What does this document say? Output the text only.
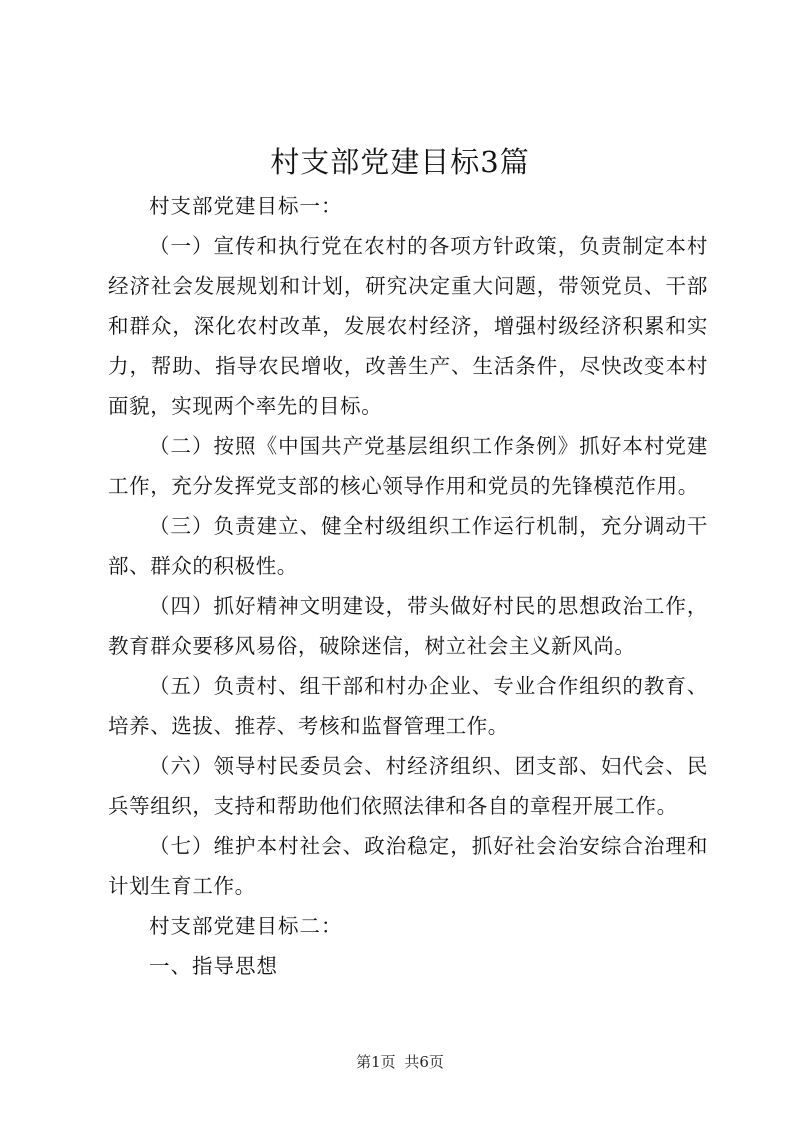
村支部党建目标3篇

村支部党建目标一：

（一）宣传和执行党在农村的各项方针政策，负责制定本村经济社会发展规划和计划，研究决定重大问题，带领党员、干部和群众，深化农村改革，发展农村经济，增强村级经济积累和实力，帮助、指导农民增收，改善生产、生活条件，尽快改变本村面貌，实现两个率先的目标。

（二）按照《中国共产党基层组织工作条例》抓好本村党建工作，充分发挥党支部的核心领导作用和党员的先锋模范作用。

（三）负责建立、健全村级组织工作运行机制，充分调动干部、群众的积极性。

（四）抓好精神文明建设，带头做好村民的思想政治工作，教育群众要移风易俗，破除迷信，树立社会主义新风尚。

（五）负责村、组干部和村办企业、专业合作组织的教育、培养、选拔、推荐、考核和监督管理工作。

（六）领导村民委员会、村经济组织、团支部、妇代会、民兵等组织，支持和帮助他们依照法律和各自的章程开展工作。

（七）维护本村社会、政治稳定，抓好社会治安综合治理和计划生育工作。

村支部党建目标二：

一、指导思想

第1页 共6页
